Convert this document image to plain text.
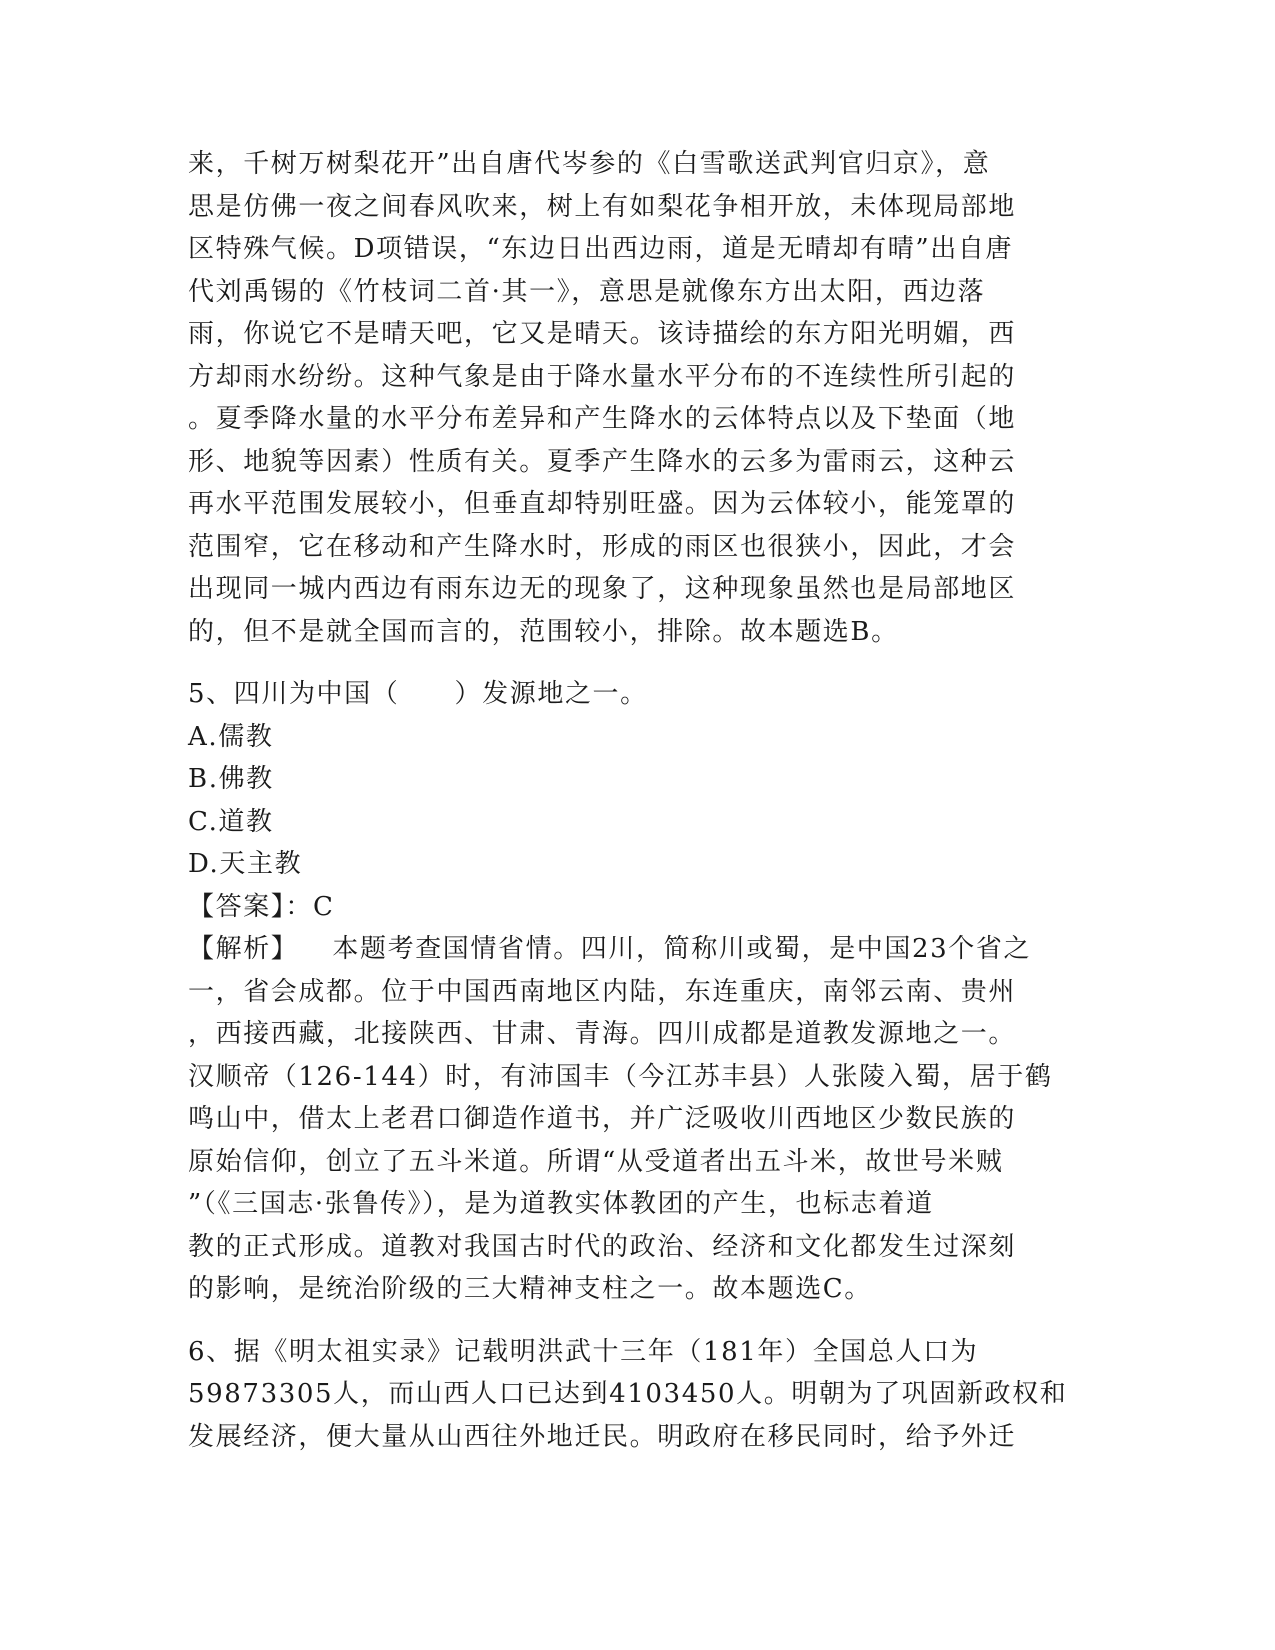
来，千树万树梨花开”出自唐代岑参的《白雪歌送武判官归京》，意
思是仿佛一夜之间春风吹来，树上有如梨花争相开放，未体现局部地
区特殊气候。D项错误，“东边日出西边雨，道是无晴却有晴”出自唐
代刘禹锡的《竹枝词二首·其一》，意思是就像东方出太阳，西边落
雨，你说它不是晴天吧，它又是晴天。该诗描绘的东方阳光明媚，西
方却雨水纷纷。这种气象是由于降水量水平分布的不连续性所引起的
。夏季降水量的水平分布差异和产生降水的云体特点以及下垫面（地
形、地貌等因素）性质有关。夏季产生降水的云多为雷雨云，这种云
再水平范围发展较小，但垂直却特别旺盛。因为云体较小，能笼罩的
范围窄，它在移动和产生降水时，形成的雨区也很狭小，因此，才会
出现同一城内西边有雨东边无的现象了，这种现象虽然也是局部地区
的，但不是就全国而言的，范围较小，排除。故本题选B。
5、四川为中国（　　）发源地之一。
A.儒教
B.佛教
C.道教
D.天主教
【答案】：C
【解析】 本题考查国情省情。四川，简称川或蜀，是中国23个省之
一，省会成都。位于中国西南地区内陆，东连重庆，南邻云南、贵州
，西接西藏，北接陕西、甘肃、青海。四川成都是道教发源地之一。
汉顺帝（126-144）时，有沛国丰（今江苏丰县）人张陵入蜀，居于鹤
鸣山中，借太上老君口御造作道书，并广泛吸收川西地区少数民族的
原始信仰，创立了五斗米道。所谓“从受道者出五斗米，故世号米贼
”（《三国志·张鲁传》），是为道教实体教团的产生，也标志着道
教的正式形成。道教对我国古时代的政治、经济和文化都发生过深刻
的影响，是统治阶级的三大精神支柱之一。故本题选C。
6、据《明太祖实录》记载明洪武十三年（181年）全国总人口为
59873305人，而山西人口已达到4103450人。明朝为了巩固新政权和
发展经济，便大量从山西往外地迁民。明政府在移民同时，给予外迁
